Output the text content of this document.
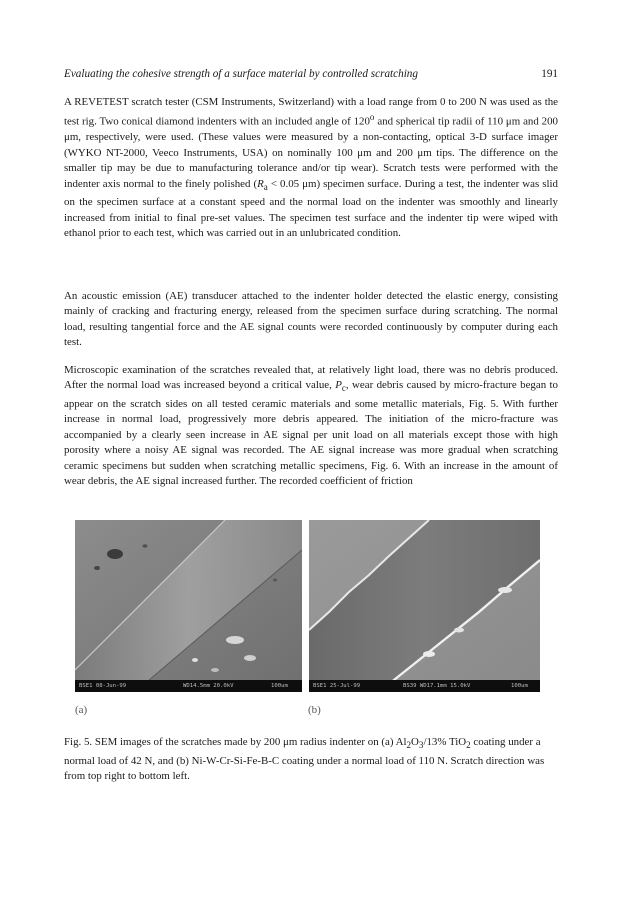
Evaluating the cohesive strength of a surface material by controlled scratching	191

A REVETEST scratch tester (CSM Instruments, Switzerland) with a load range from 0 to 200 N was used as the test rig. Two conical diamond indenters with an included angle of 120$^o$ and spherical tip radii of 110 μm and 200 μm, respectively, were used. (These values were measured by a non-contacting, optical 3-D surface imager (WYKO NT-2000, Veeco Instruments, USA) on nominally 100 μm and 200 μm tips. The difference on the smaller tip may be due to manufacturing tolerance and/or tip wear). Scratch tests were performed with the indenter axis normal to the finely polished ($R_a < 0.05$ μm) specimen surface. During a test, the indenter was slid on the specimen surface at a constant speed and the normal load on the indenter was smoothly and linearly increased from initial to final pre-set values. The specimen test surface and the indenter tip were wiped with ethanol prior to each test, which was carried out in an unlubricated condition.

An acoustic emission (AE) transducer attached to the indenter holder detected the elastic energy, consisting mainly of cracking and fracturing energy, released from the specimen surface during scratching. The normal load, resulting tangential force and the AE signal counts were recorded continuously by computer during each test.

Microscopic examination of the scratches revealed that, at relatively light load, there was no debris produced. After the normal load was increased beyond a critical value, $P_c$, wear debris caused by micro-fracture began to appear on the scratch sides on all tested ceramic materials and some metallic materials, Fig. 5. With further increase in normal load, progressively more debris appeared. The initiation of the micro-fracture was accompanied by a clearly seen increase in AE signal per unit load on all materials except those with high porosity where a noisy AE signal was recorded. The AE signal increase was more gradual when scratching ceramic specimens but sudden when scratching metallic specimens, Fig. 6. With an increase in the amount of wear debris, the AE signal increased further. The recorded coefficient of friction

BSE1 08-Jun-99	WD14.5mm 20.0kV	100um	BSE1 25-Jul-99	BS39 WD17.1mm 15.0kV	100um
(a)	(b)

Fig. 5. SEM images of the scratches made by 200 μm radius indenter on (a) $Al_2O_3/13\%$ TiO$_2$ coating under a normal load of 42 N, and (b) Ni-W-Cr-Si-Fe-B-C coating under a normal load of 110 N. Scratch direction was from top right to bottom left.
